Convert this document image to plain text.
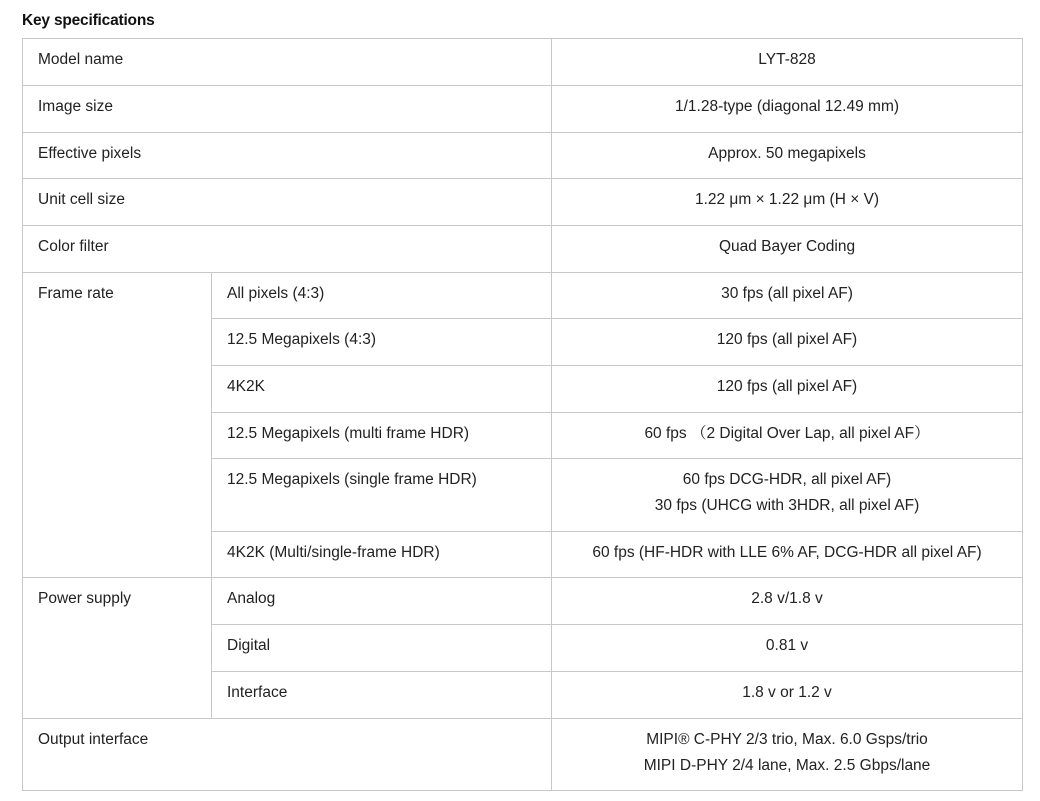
Key specifications
Model name		LYT-828

Image size		1/1.28-type (diagonal 12.49 mm)

Effective pixels		Approx. 50 megapixels

Unit cell size		1.22 μm × 1.22 μm (H × V)

Color filter		Quad Bayer Coding

Frame rate	All pixels (4:3)	30 fps (all pixel AF)

	12.5 Megapixels (4:3)	120 fps (all pixel AF)

	4K2K	120 fps (all pixel AF)

	12.5 Megapixels (multi frame HDR)	60 fps （2 Digital Over Lap, all pixel AF）

	12.5 Megapixels (single frame HDR)	60 fps DCG-HDR, all pixel AF)
30 fps (UHCG with 3HDR, all pixel AF)

	4K2K (Multi/single-frame HDR)	60 fps (HF-HDR with LLE 6% AF, DCG-HDR all pixel AF)

Power supply	Analog	2.8 v/1.8 v

	Digital	0.81 v

	Interface	1.8 v or 1.2 v

Output interface		MIPI® C-PHY 2/3 trio, Max. 6.0 Gsps/trio
MIPI D-PHY 2/4 lane, Max. 2.5 Gbps/lane
